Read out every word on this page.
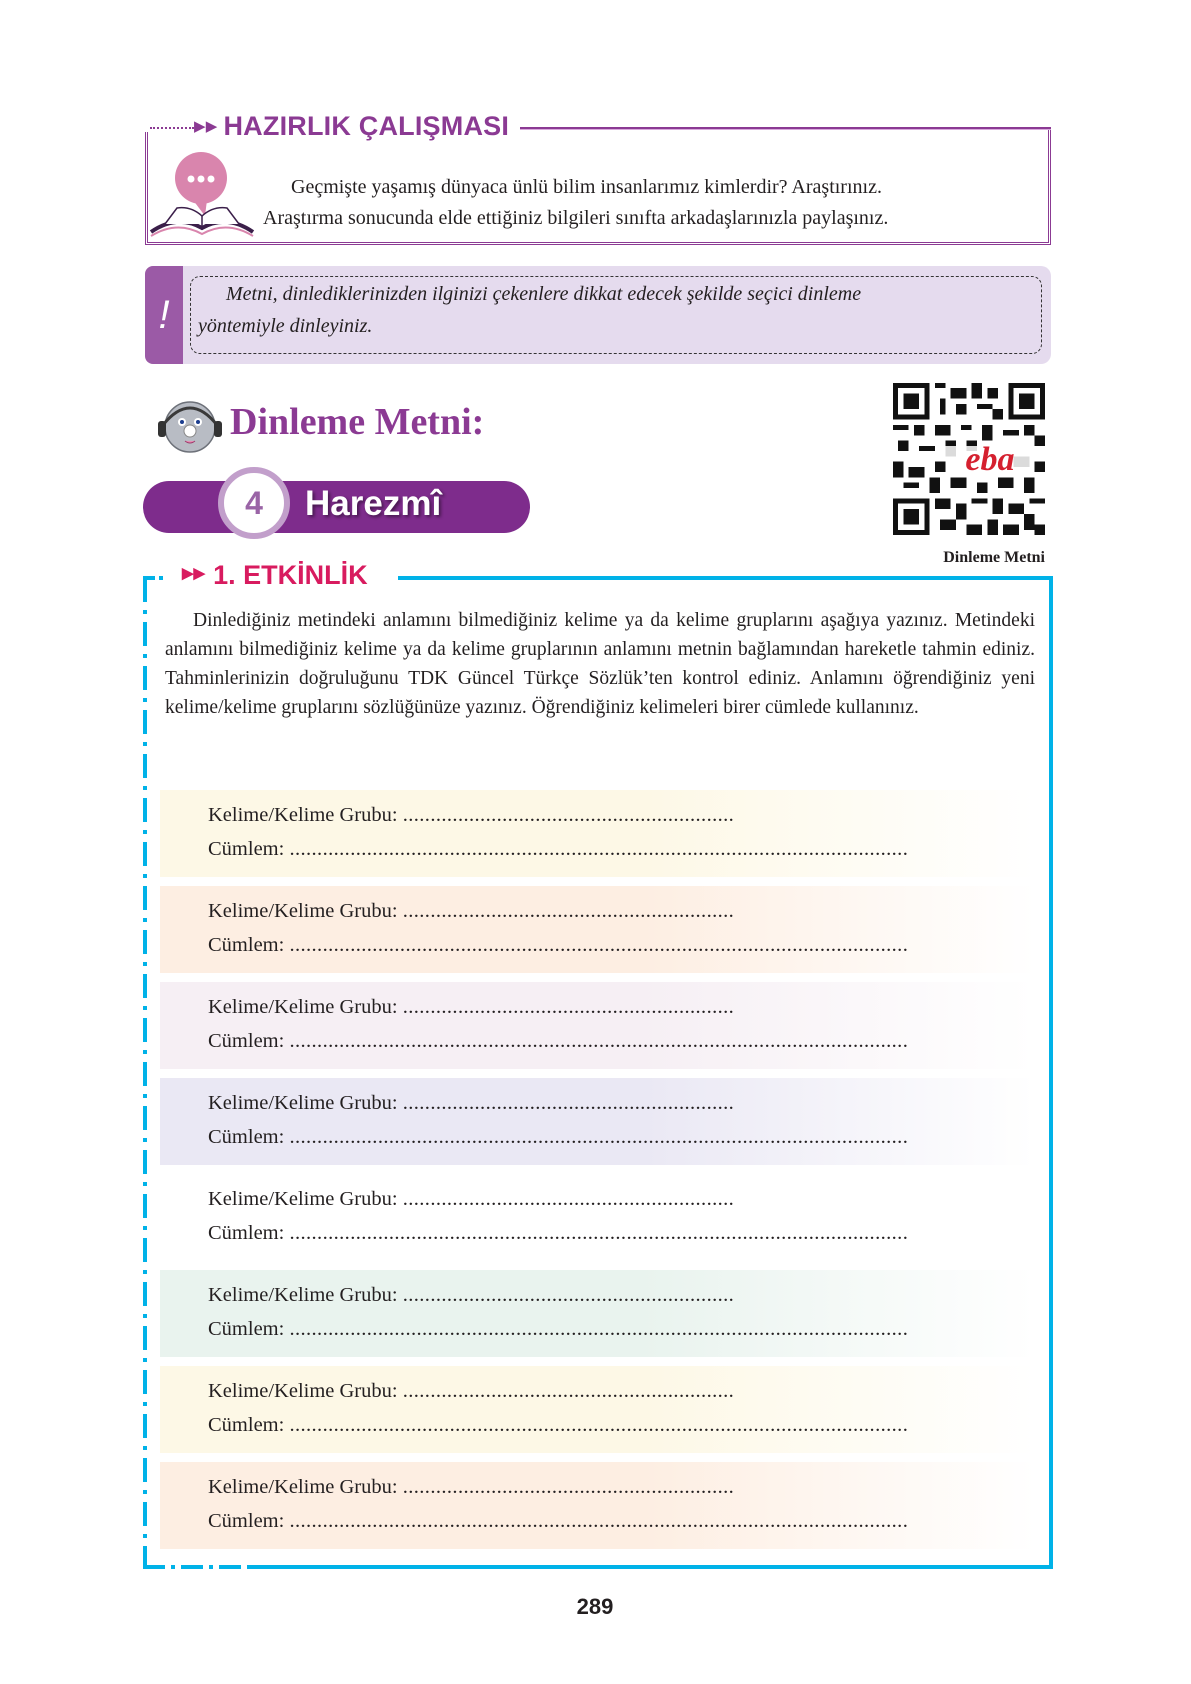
▶▶ HAZIRLIK ÇALIŞMASI

Geçmişte yaşamış dünyaca ünlü bilim insanlarımız kimlerdir? Araştırınız.

Araştırma sonucunda elde ettiğiniz bilgileri sınıfta arkadaşlarınızla paylaşınız.

!	Metni, dinlediklerinizden ilginizi çekenlere dikkat edecek şekilde seçici dinleme

yöntemiyle dinleyiniz.

Dinleme Metni:
4	Harezmî
eba
Dinleme Metni
▶▶ 1. ETKİNLİK

Dinlediğiniz metindeki anlamını bilmediğiniz kelime ya da kelime gruplarını aşağıya yazınız. Metindeki anlamını bilmediğiniz kelime ya da kelime gruplarının anlamını metnin bağlamından hareketle tahmin ediniz. Tahminlerinizin doğruluğunu TDK Güncel Türkçe Sözlük’ten kontrol ediniz. Anlamını öğrendiğiniz yeni kelime/kelime gruplarını sözlüğünüze yazınız. Öğrendiğiniz kelimeleri birer cümlede kullanınız.

Kelime/Kelime Grubu: ............................................................
Cümlem: ................................................................................................................
Kelime/Kelime Grubu: ............................................................
Cümlem: ................................................................................................................
Kelime/Kelime Grubu: ............................................................
Cümlem: ................................................................................................................
Kelime/Kelime Grubu: ............................................................
Cümlem: ................................................................................................................
Kelime/Kelime Grubu: ............................................................
Cümlem: ................................................................................................................
Kelime/Kelime Grubu: ............................................................
Cümlem: ................................................................................................................
Kelime/Kelime Grubu: ............................................................
Cümlem: ................................................................................................................
Kelime/Kelime Grubu: ............................................................
Cümlem: ................................................................................................................
289
